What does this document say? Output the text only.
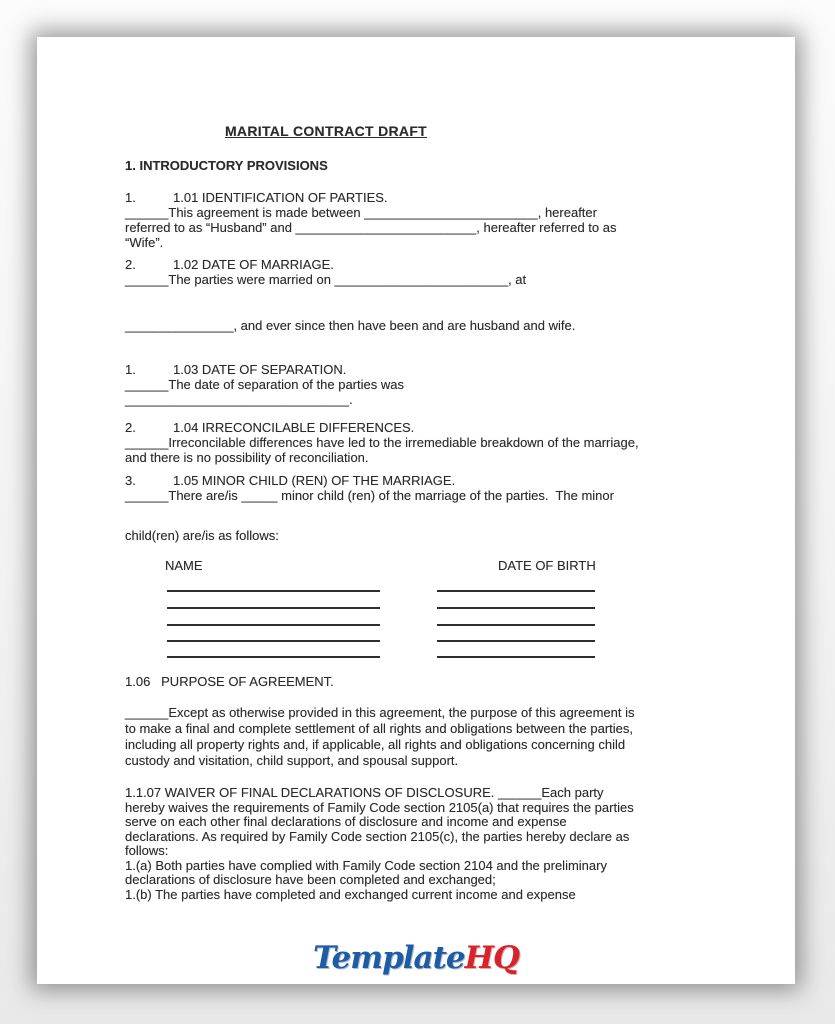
MARITAL CONTRACT DRAFT
1. INTRODUCTORY PROVISIONS
1.	1.01 IDENTIFICATION OF PARTIES.
______This agreement is made between ________________________, hereafter
referred to as “Husband” and _________________________, hereafter referred to as
“Wife”.
2.	1.02 DATE OF MARRIAGE.
______The parties were married on ________________________, at
_______________, and ever since then have been and are husband and wife.
1.	1.03 DATE OF SEPARATION.
______The date of separation of the parties was
_______________________________.
2.	1.04 IRRECONCILABLE DIFFERENCES.
______Irreconcilable differences have led to the irremediable breakdown of the marriage,
and there is no possibility of reconciliation.
3.	1.05 MINOR CHILD (REN) OF THE MARRIAGE.
______There are/is _____ minor child (ren) of the marriage of the parties.  The minor
child(ren) are/is as follows:
NAME	DATE OF BIRTH
1.06   PURPOSE OF AGREEMENT.
______Except as otherwise provided in this agreement, the purpose of this agreement is
to make a final and complete settlement of all rights and obligations between the parties,
including all property rights and, if applicable, all rights and obligations concerning child
custody and visitation, child support, and spousal support.
1.1.07 WAIVER OF FINAL DECLARATIONS OF DISCLOSURE. ______Each party
hereby waives the requirements of Family Code section 2105(a) that requires the parties
serve on each other final declarations of disclosure and income and expense
declarations. As required by Family Code section 2105(c), the parties hereby declare as
follows:
1.(a) Both parties have complied with Family Code section 2104 and the preliminary
declarations of disclosure have been completed and exchanged;
1.(b) The parties have completed and exchanged current income and expense
TemplateHQ
